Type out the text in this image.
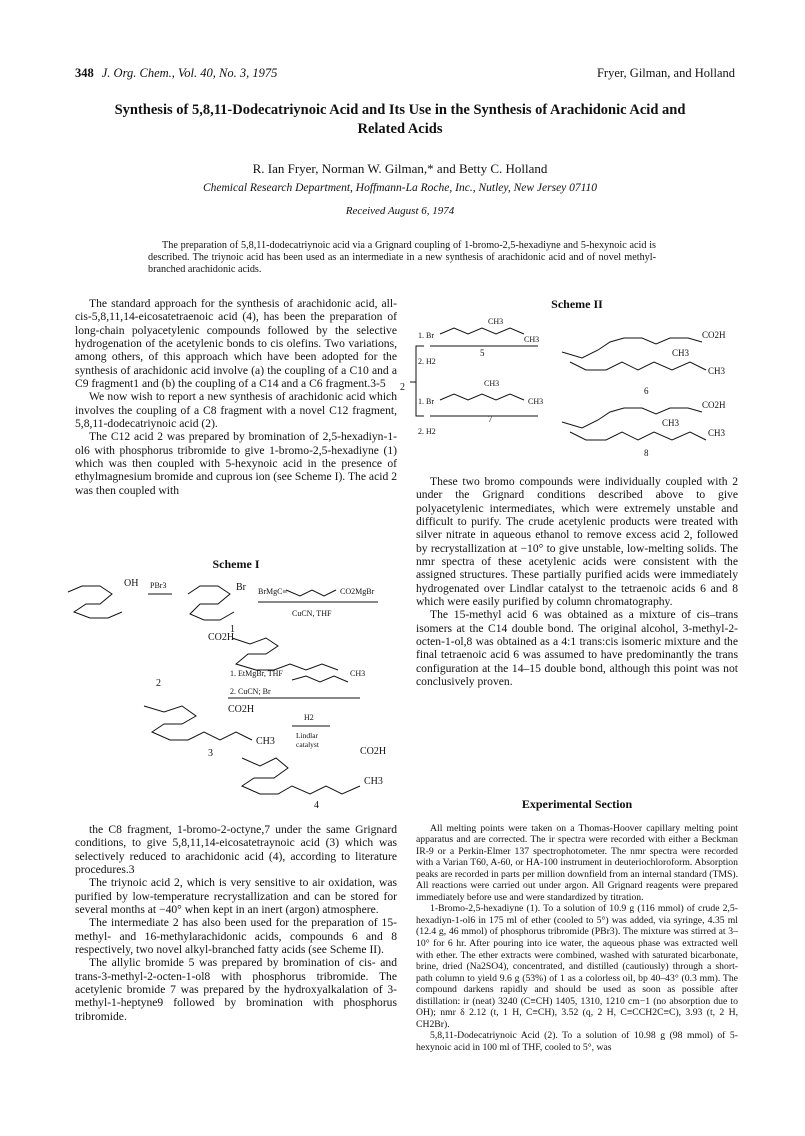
348 J. Org. Chem., Vol. 40, No. 3, 1975	Fryer, Gilman, and Holland
Synthesis of 5,8,11-Dodecatriynoic Acid and Its Use in the Synthesis of Arachidonic Acid and Related Acids
R. Ian Fryer, Norman W. Gilman,* and Betty C. Holland
Chemical Research Department, Hoffmann-La Roche, Inc., Nutley, New Jersey 07110
Received August 6, 1974

The preparation of 5,8,11-dodecatriynoic acid via a Grignard coupling of 1-bromo-2,5-hexadiyne and 5-hexynoic acid is described. The triynoic acid has been used as an intermediate in a new synthesis of arachidonic acid and of novel methyl-branched arachidonic acids.

The standard approach for the synthesis of arachidonic acid, all-cis-5,8,11,14-eicosatetraenoic acid (4), has been the preparation of long-chain polyacetylenic compounds followed by the selective hydrogenation of the acetylenic bonds to cis olefins. Two variations, among others, of this approach which have been adopted for the synthesis of arachidonic acid involve (a) the coupling of a C10 and a C9 fragment1 and (b) the coupling of a C14 and a C6 fragment.3-5

We now wish to report a new synthesis of arachidonic acid which involves the coupling of a C8 fragment with a novel C12 fragment, 5,8,11-dodecatriynoic acid (2).

The C12 acid 2 was prepared by bromination of 2,5-hexadiyn-1-ol6 with phosphorus tribromide to give 1-bromo-2,5-hexadiyne (1) which was then coupled with 5-hexynoic acid in the presence of ethylmagnesium bromide and cuprous ion (see Scheme I). The acid 2 was then coupled with

Scheme I
OH PBr3	Br BrMgC≡	CO2MgBr
CuCN, THF
1
CO2H
2
1. EtMgBr, THF
2. CuCN; Br
CH3
CO2H
CH3
H2
Lindlar
catalyst
3	CO2H
CH3
4

the C8 fragment, 1-bromo-2-octyne,7 under the same Grignard conditions, to give 5,8,11,14-eicosatetraynoic acid (3) which was selectively reduced to arachidonic acid (4), according to literature procedures.3

The triynoic acid 2, which is very sensitive to air oxidation, was purified by low-temperature recrystallization and can be stored for several months at −40° when kept in an inert (argon) atmosphere.

The intermediate 2 has also been used for the preparation of 15-methyl- and 16-methylarachidonic acids, compounds 6 and 8 respectively, two novel alkyl-branched fatty acids (see Scheme II).

The allylic bromide 5 was prepared by bromination of cis- and trans-3-methyl-2-octen-1-ol8 with phosphorus tribromide. The acetylenic bromide 7 was prepared by the hydroxyalkalation of 3-methyl-1-heptyne9 followed by bromination with phosphorus tribromide.

Scheme II
1. Br
CH3
CH3
5
2. H2
2	CH3
1. Br	CH3
7
2. H2
CO2H
CH3
CH3
6
CO2H
CH3
CH3
8

These two bromo compounds were individually coupled with 2 under the Grignard conditions described above to give polyacetylenic intermediates, which were extremely unstable and difficult to purify. The crude acetylenic products were treated with silver nitrate in aqueous ethanol to remove excess acid 2, followed by recrystallization at −10° to give unstable, low-melting solids. The nmr spectra of these acetylenic acids were consistent with the assigned structures. These partially purified acids were immediately hydrogenated over Lindlar catalyst to the tetraenoic acids 6 and 8 which were easily purified by column chromatography.

The 15-methyl acid 6 was obtained as a mixture of cis–trans isomers at the C14 double bond. The original alcohol, 3-methyl-2-octen-1-ol,8 was obtained as a 4:1 trans:cis isomeric mixture and the final tetraenoic acid 6 was assumed to have predominantly the trans configuration at the 14–15 double bond, although this point was not conclusively proven.

Experimental Section

All melting points were taken on a Thomas-Hoover capillary melting point apparatus and are corrected. The ir spectra were recorded with either a Beckman IR-9 or a Perkin-Elmer 137 spectrophotometer. The nmr spectra were recorded with a Varian T60, A-60, or HA-100 instrument in deuteriochloroform. Absorption peaks are recorded in parts per million downfield from an internal standard (TMS). All reactions were carried out under argon. All Grignard reagents were prepared immediately before use and were standardized by titration.

1-Bromo-2,5-hexadiyne (1). To a solution of 10.9 g (116 mmol) of crude 2,5-hexadiyn-1-ol6 in 175 ml of ether (cooled to 5°) was added, via syringe, 4.35 ml (12.4 g, 46 mmol) of phosphorus tribromide (PBr3). The mixture was stirred at 3–10° for 6 hr. After pouring into ice water, the aqueous phase was extracted well with ether. The ether extracts were combined, washed with saturated bicarbonate, brine, dried (Na2SO4), concentrated, and distilled (cautiously) through a short-path column to yield 9.6 g (53%) of 1 as a colorless oil, bp 40–43° (0.3 mm). The compound darkens rapidly and should be used as soon as possible after distillation: ir (neat) 3240 (C≡CH) 1405, 1310, 1210 cm−1 (no absorption due to OH); nmr δ 2.12 (t, 1 H, C≡CH), 3.52 (q, 2 H, C≡CCH2C≡C), 3.93 (t, 2 H, CH2Br).

5,8,11-Dodecatriynoic Acid (2). To a solution of 10.98 g (98 mmol) of 5-hexynoic acid in 100 ml of THF, cooled to 5°, was
